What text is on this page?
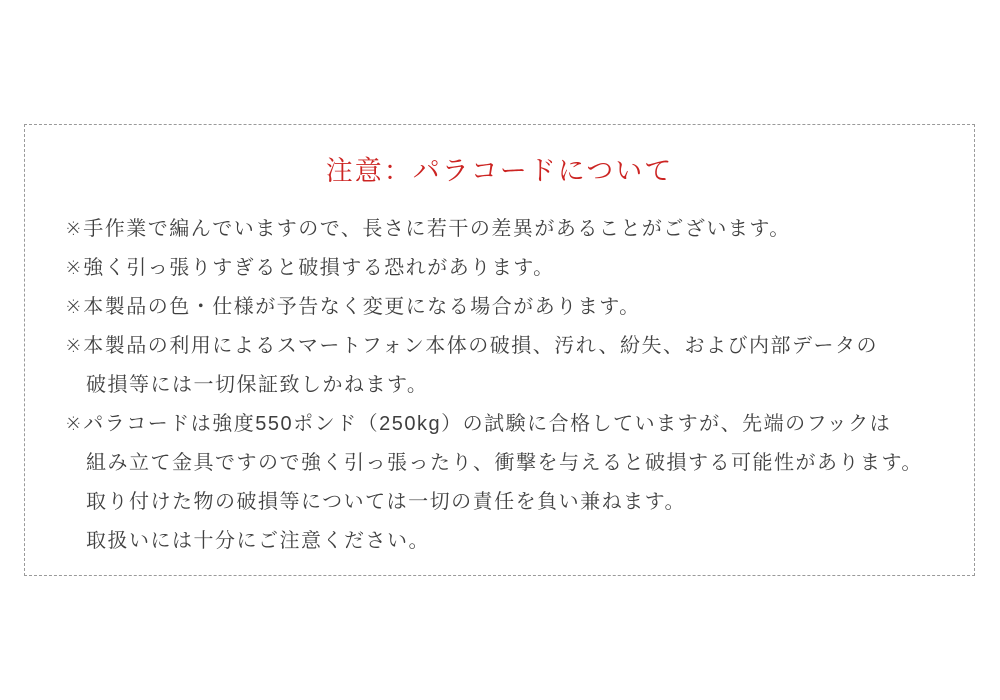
注意：パラコードについて
※手作業で編んでいますので、長さに若干の差異があることがございます。
※強く引っ張りすぎると破損する恐れがあります。
※本製品の色・仕様が予告なく変更になる場合があります。
※本製品の利用によるスマートフォン本体の破損、汚れ、紛失、および内部データの
破損等には一切保証致しかねます。
※パラコードは強度550ポンド（250kg）の試験に合格していますが、先端のフックは
組み立て金具ですので強く引っ張ったり、衝撃を与えると破損する可能性があります。
取り付けた物の破損等については一切の責任を負い兼ねます。
取扱いには十分にご注意ください。
